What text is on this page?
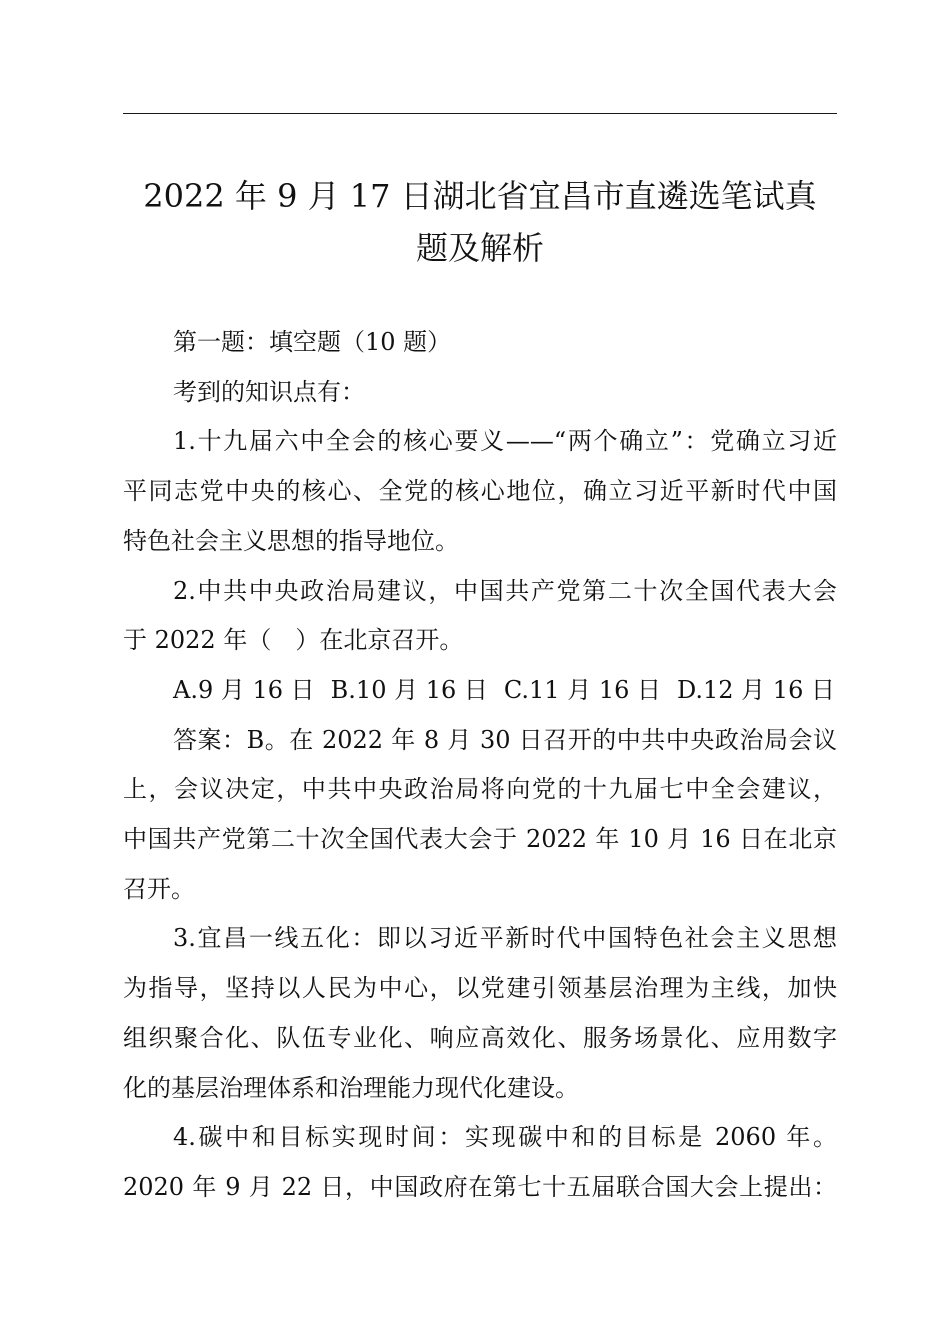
2022 年 9 月 17 日湖北省宜昌市直遴选笔试真
题及解析
第一题：填空题（10 题）
考到的知识点有：
1.十九届六中全会的核心要义——“两个确立”：党确立习近
平同志党中央的核心、全党的核心地位，确立习近平新时代中国
特色社会主义思想的指导地位。
2.中共中央政治局建议，中国共产党第二十次全国代表大会
于 2022 年（　）在北京召开。
A.9 月 16 日 B.10 月 16 日 C.11 月 16 日 D.12 月 16 日
答案：B。在 2022 年 8 月 30 日召开的中共中央政治局会议
上，会议决定，中共中央政治局将向党的十九届七中全会建议，
中国共产党第二十次全国代表大会于 2022 年 10 月 16 日在北京
召开。
3.宜昌一线五化：即以习近平新时代中国特色社会主义思想
为指导，坚持以人民为中心，以党建引领基层治理为主线，加快
组织聚合化、队伍专业化、响应高效化、服务场景化、应用数字
化的基层治理体系和治理能力现代化建设。
4.碳中和目标实现时间：实现碳中和的目标是 2060 年。
2020 年 9 月 22 日，中国政府在第七十五届联合国大会上提出：
